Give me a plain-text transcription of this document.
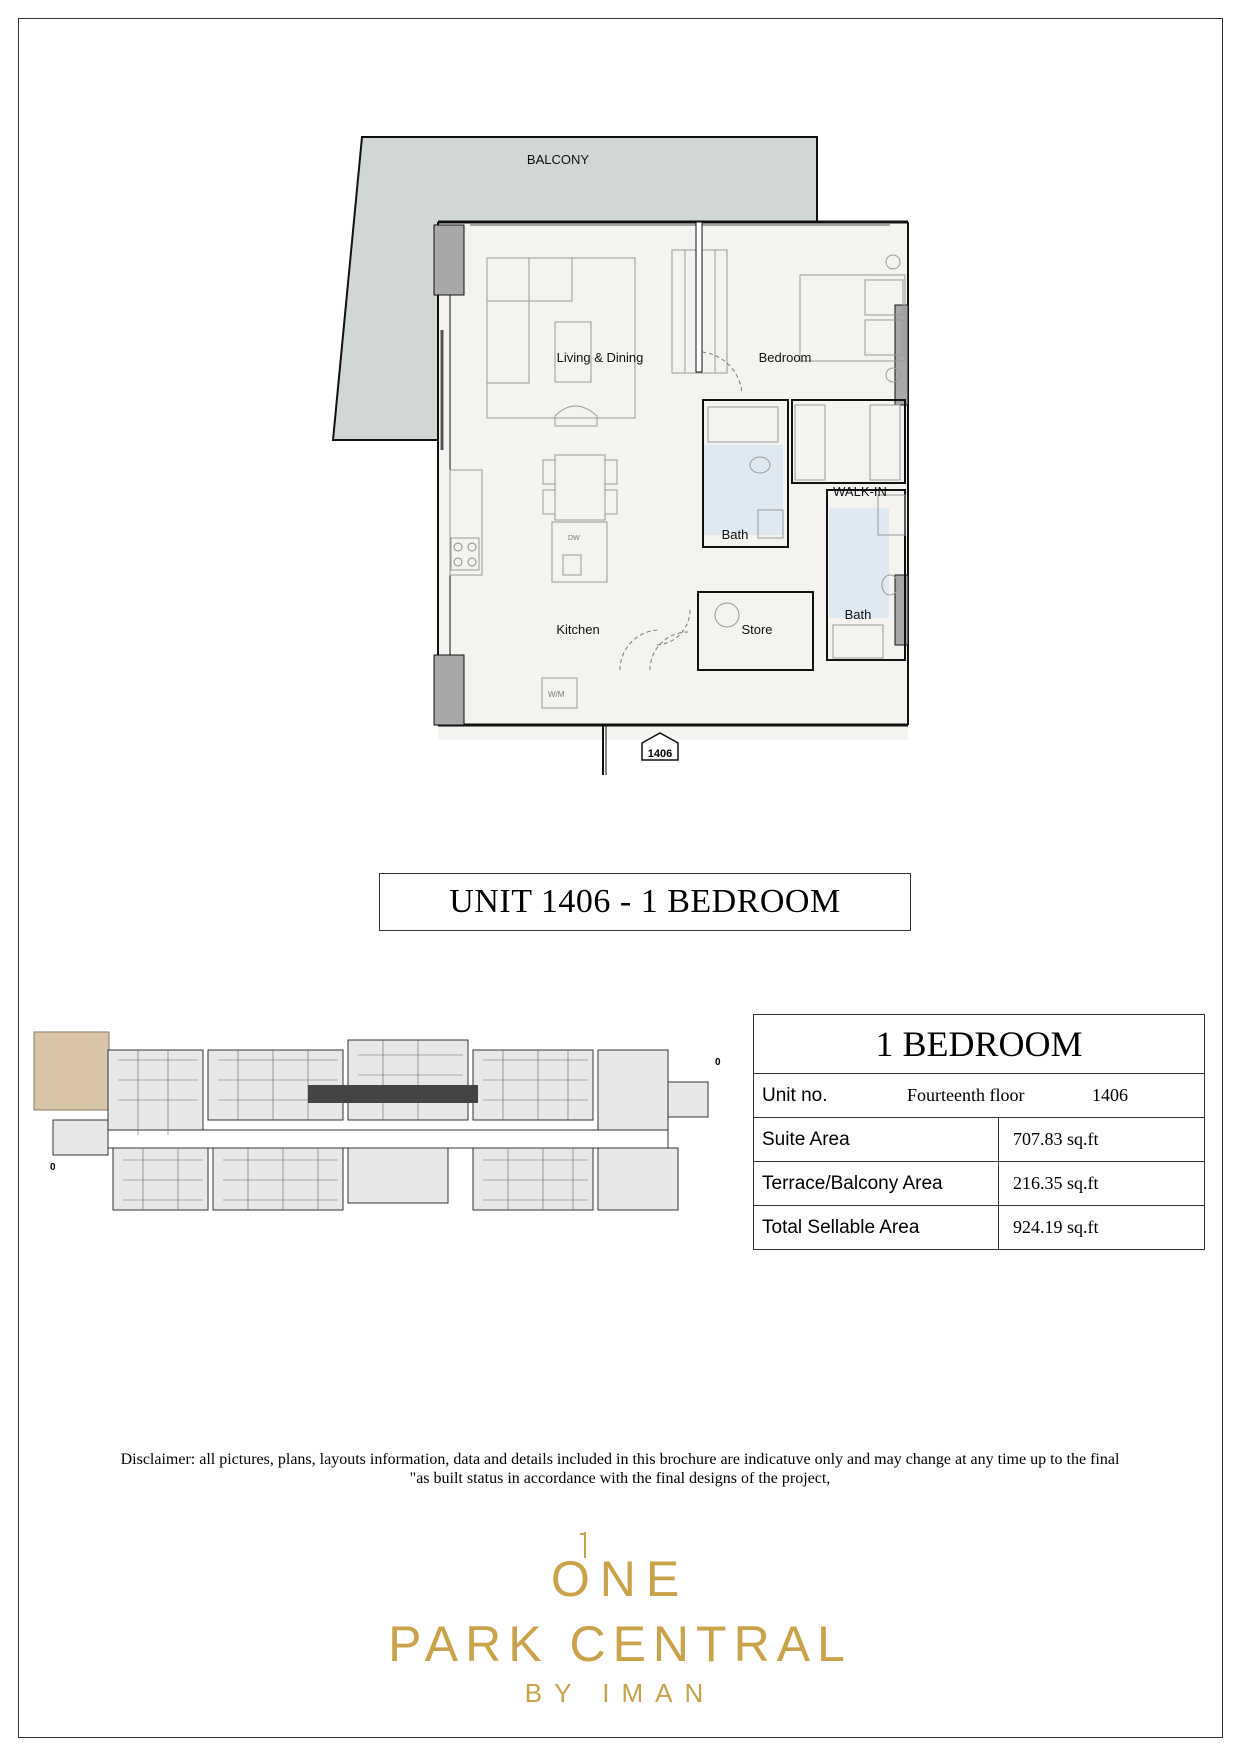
DW
W/M
1406
BALCONY
Living & Dining	Bedroom
WALK-IN
Bath
Bath
Kitchen	Store
UNIT 1406 - 1 BEDROOM
0
0	1 BEDROOM	

Unit no. Fourteenth floor 1406	

Suite Area	707.83 sq.ft
Terrace/Balcony Area	216.35 sq.ft
Total Sellable Area	924.19 sq.ft
Disclaimer: all pictures, plans, layouts information, data and details included in this brochure are indicatuve only and may change at any time up to the final
"as built status in accordance with the final designs of the project,
ONE
PARK CENTRAL
BY IMAN
